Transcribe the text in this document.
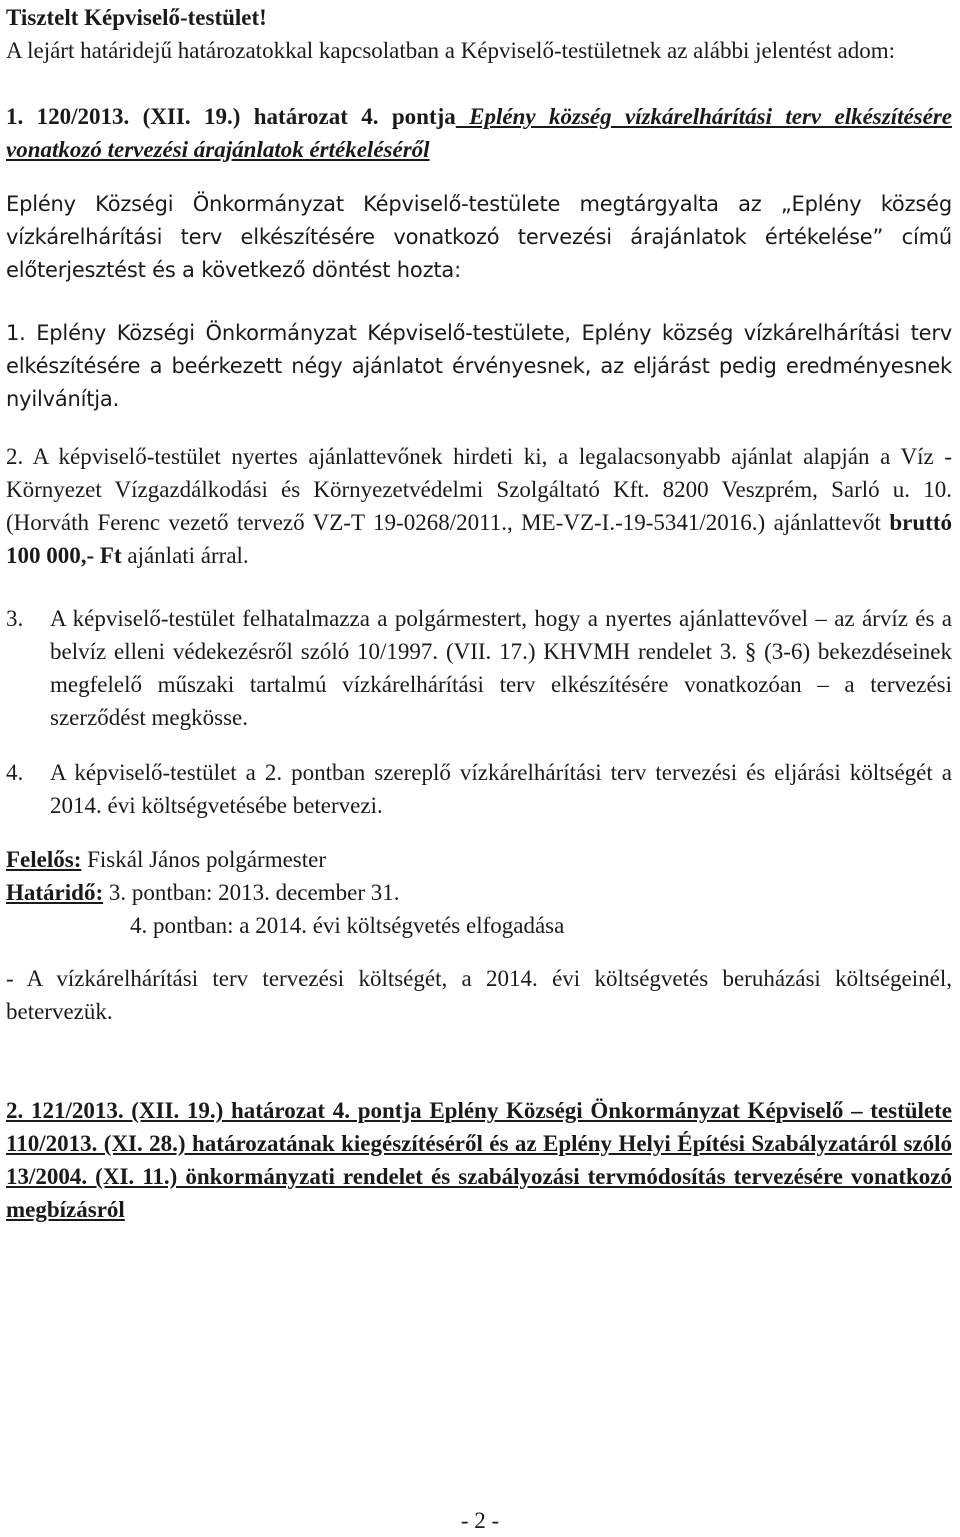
Tisztelt Képviselő-testület!

A lejárt határidejű határozatokkal kapcsolatban a Képviselő-testületnek az alábbi jelentést adom:

1. 120/2013. (XII. 19.) határozat 4. pontja Eplény község vízkárelhárítási terv elkészítésére vonatkozó tervezési árajánlatok értékeléséről

Eplény Községi Önkormányzat Képviselő-testülete megtárgyalta az „Eplény község vízkárelhárítási terv elkészítésére vonatkozó tervezési árajánlatok értékelése” című előterjesztést és a következő döntést hozta:

1. Eplény Községi Önkormányzat Képviselő-testülete, Eplény község vízkárelhárítási terv elkészítésére a beérkezett négy ajánlatot érvényesnek, az eljárást pedig eredményesnek nyilvánítja.

2. A képviselő-testület nyertes ajánlattevőnek hirdeti ki, a legalacsonyabb ajánlat alapján a Víz - Környezet Vízgazdálkodási és Környezetvédelmi Szolgáltató Kft. 8200 Veszprém, Sarló u. 10. (Horváth Ferenc vezető tervező VZ-T 19-0268/2011., ME-VZ-I.-19-5341/2016.) ajánlattevőt bruttó 100 000,- Ft ajánlati árral.

3.	A képviselő-testület felhatalmazza a polgármestert, hogy a nyertes ajánlattevővel – az árvíz és a belvíz elleni védekezésről szóló 10/1997. (VII. 17.) KHVMH rendelet 3. § (3-6) bekezdéseinek megfelelő műszaki tartalmú vízkárelhárítási terv elkészítésére vonatkozóan – a tervezési szerződést megkösse.
4.	A képviselő-testület a 2. pontban szereplő vízkárelhárítási terv tervezési és eljárási költségét a 2014. évi költségvetésébe betervezi.

Felelős: Fiskál János polgármester

Határidő: 3. pontban: 2013. december 31.

4. pontban: a 2014. évi költségvetés elfogadása

- A vízkárelhárítási terv tervezési költségét, a 2014. évi költségvetés beruházási költségeinél, betervezük.

2. 121/2013. (XII. 19.) határozat 4. pontja Eplény Községi Önkormányzat Képviselő – testülete 110/2013. (XI. 28.) határozatának kiegészítéséről és az Eplény Helyi Építési Szabályzatáról szóló 13/2004. (XI. 11.) önkormányzati rendelet és szabályozási tervmódosítás tervezésére vonatkozó megbízásról

- 2 -
